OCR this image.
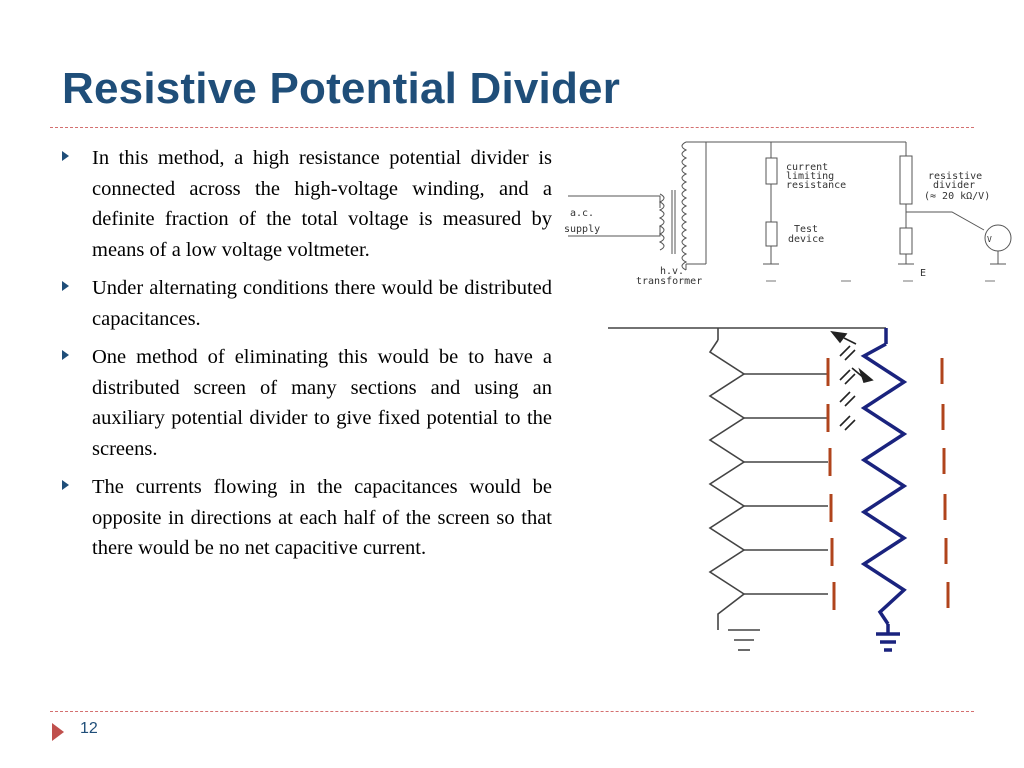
Resistive Potential Divider
In this method, a high resistance potential divider is connected across the high-voltage winding, and a definite fraction of the total voltage is measured by means of a low voltage voltmeter.
Under alternating conditions there would be distributed capacitances.
One method of eliminating this would be to have a distributed screen of many sections and using an auxiliary potential divider to give fixed potential to the screens.
The currents flowing in the capacitances would be opposite in directions at each half of the screen so that there would be no net capacitive current.
a.c.
supply
h.v.
transformer
current
limiting
resistance
Test
device
resistive
divider
(≈ 20 kΩ/V)
E
V
12
